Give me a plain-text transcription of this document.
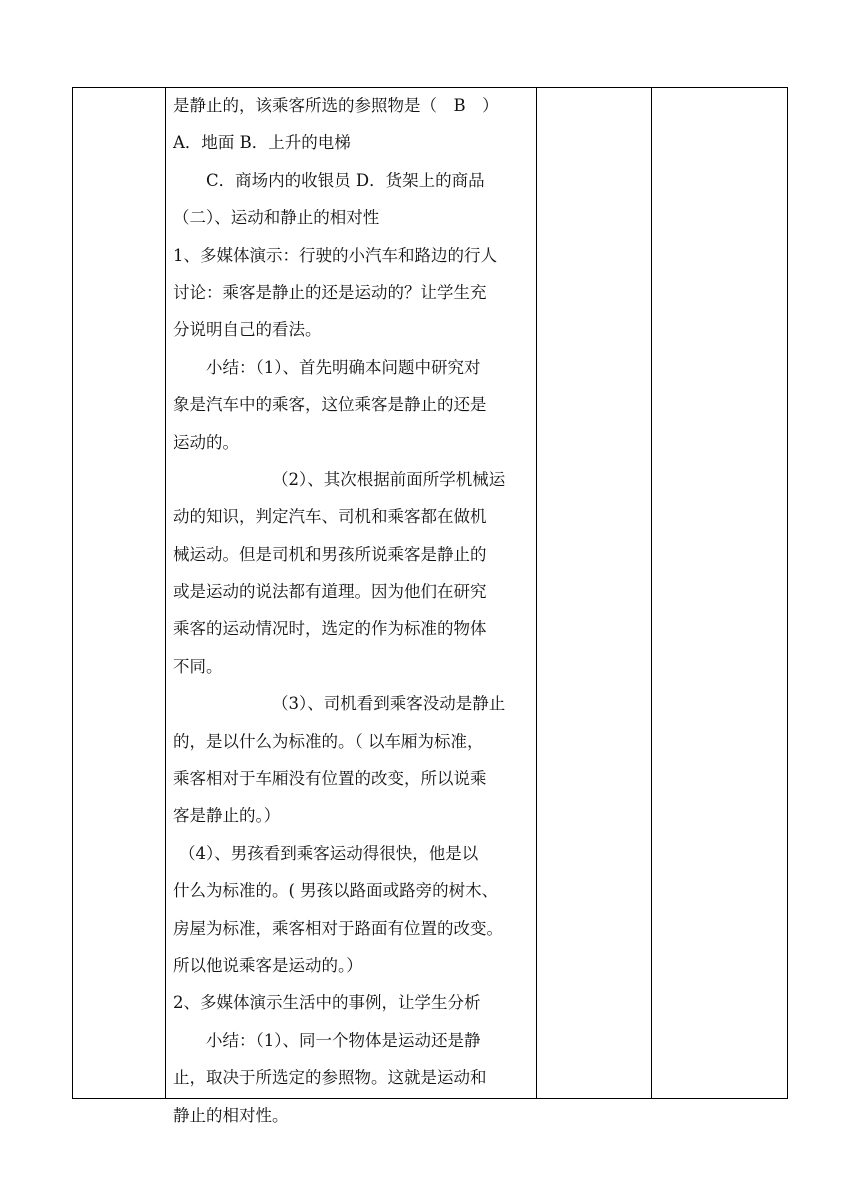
是静止的，该乘客所选的参照物是（　B　）
A．地面 B．上升的电梯
C．商场内的收银员 D．货架上的商品
（二）、运动和静止的相对性
1、多媒体演示：行驶的小汽车和路边的行人
讨论：乘客是静止的还是运动的？让学生充
分说明自己的看法。
小结：（1）、首先明确本问题中研究对
象是汽车中的乘客，这位乘客是静止的还是
运动的。
（2）、其次根据前面所学机械运
动的知识，判定汽车、司机和乘客都在做机
械运动。但是司机和男孩所说乘客是静止的
或是运动的说法都有道理。因为他们在研究
乘客的运动情况时，选定的作为标准的物体
不同。
（3）、司机看到乘客没动是静止
的，是以什么为标准的。（ 以车厢为标准，
乘客相对于车厢没有位置的改变，所以说乘
客是静止的。）
（4）、男孩看到乘客运动得很快，他是以
什么为标准的。( 男孩以路面或路旁的树木、
房屋为标准，乘客相对于路面有位置的改变。
所以他说乘客是运动的。）
2、多媒体演示生活中的事例，让学生分析
小结：（1）、同一个物体是运动还是静
止，取决于所选定的参照物。这就是运动和
静止的相对性。
